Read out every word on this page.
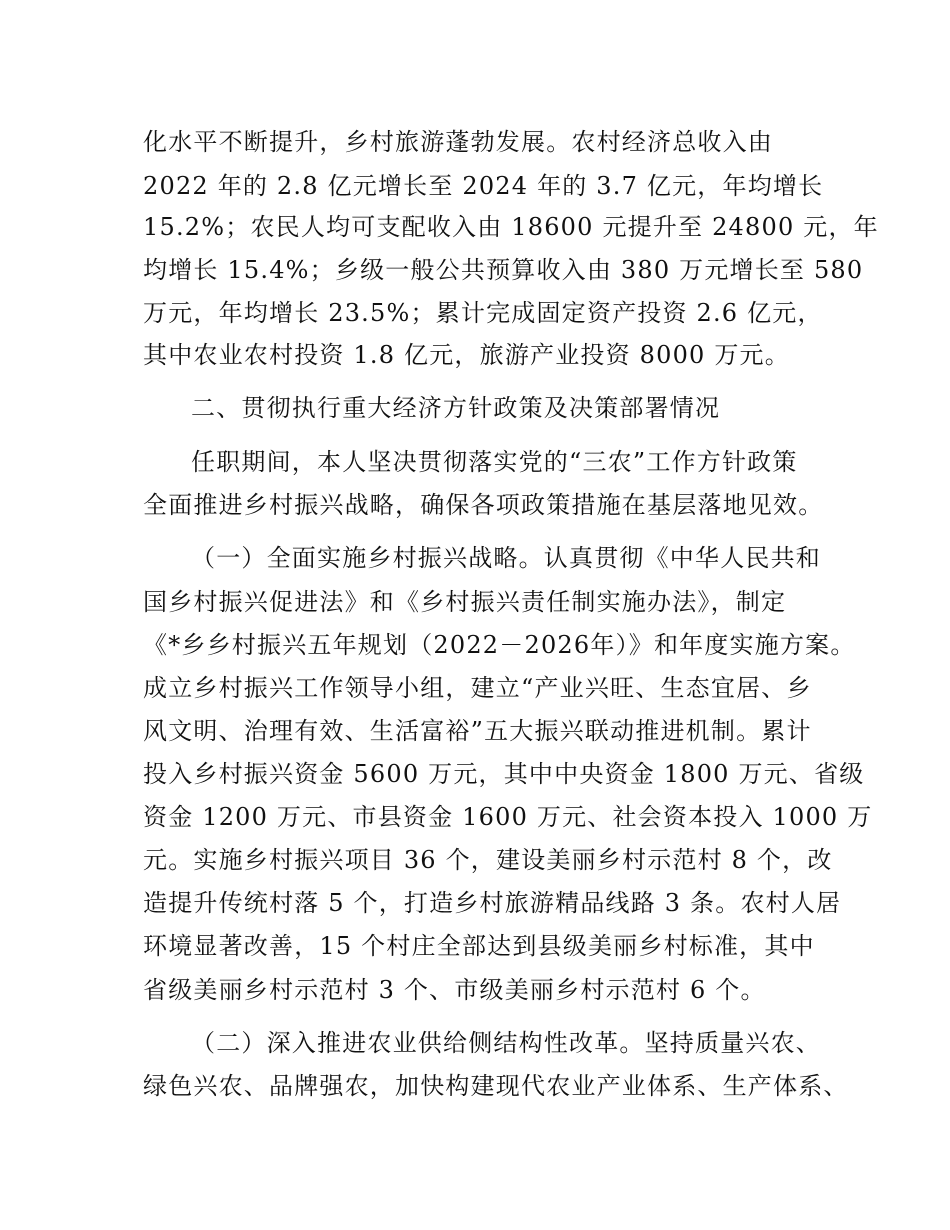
化水平不断提升，乡村旅游蓬勃发展。农村经济总收入由
2022 年的 2.8 亿元增长至 2024 年的 3.7 亿元，年均增长
15.2%；农民人均可支配收入由 18600 元提升至 24800 元，年
均增长 15.4%；乡级一般公共预算收入由 380 万元增长至 580
万元，年均增长 23.5%；累计完成固定资产投资 2.6 亿元，
其中农业农村投资 1.8 亿元，旅游产业投资 8000 万元。
二、贯彻执行重大经济方针政策及决策部署情况
任职期间，本人坚决贯彻落实党的“三农”工作方针政策
全面推进乡村振兴战略，确保各项政策措施在基层落地见效。
（一）全面实施乡村振兴战略。认真贯彻《中华人民共和
国乡村振兴促进法》和《乡村振兴责任制实施办法》，制定
《*乡乡村振兴五年规划（2022－2026年）》和年度实施方案。
成立乡村振兴工作领导小组，建立“产业兴旺、生态宜居、乡
风文明、治理有效、生活富裕”五大振兴联动推进机制。累计
投入乡村振兴资金 5600 万元，其中中央资金 1800 万元、省级
资金 1200 万元、市县资金 1600 万元、社会资本投入 1000 万
元。实施乡村振兴项目 36 个，建设美丽乡村示范村 8 个，改
造提升传统村落 5 个，打造乡村旅游精品线路 3 条。农村人居
环境显著改善，15 个村庄全部达到县级美丽乡村标准，其中
省级美丽乡村示范村 3 个、市级美丽乡村示范村 6 个。
（二）深入推进农业供给侧结构性改革。坚持质量兴农、
绿色兴农、品牌强农，加快构建现代农业产业体系、生产体系、
